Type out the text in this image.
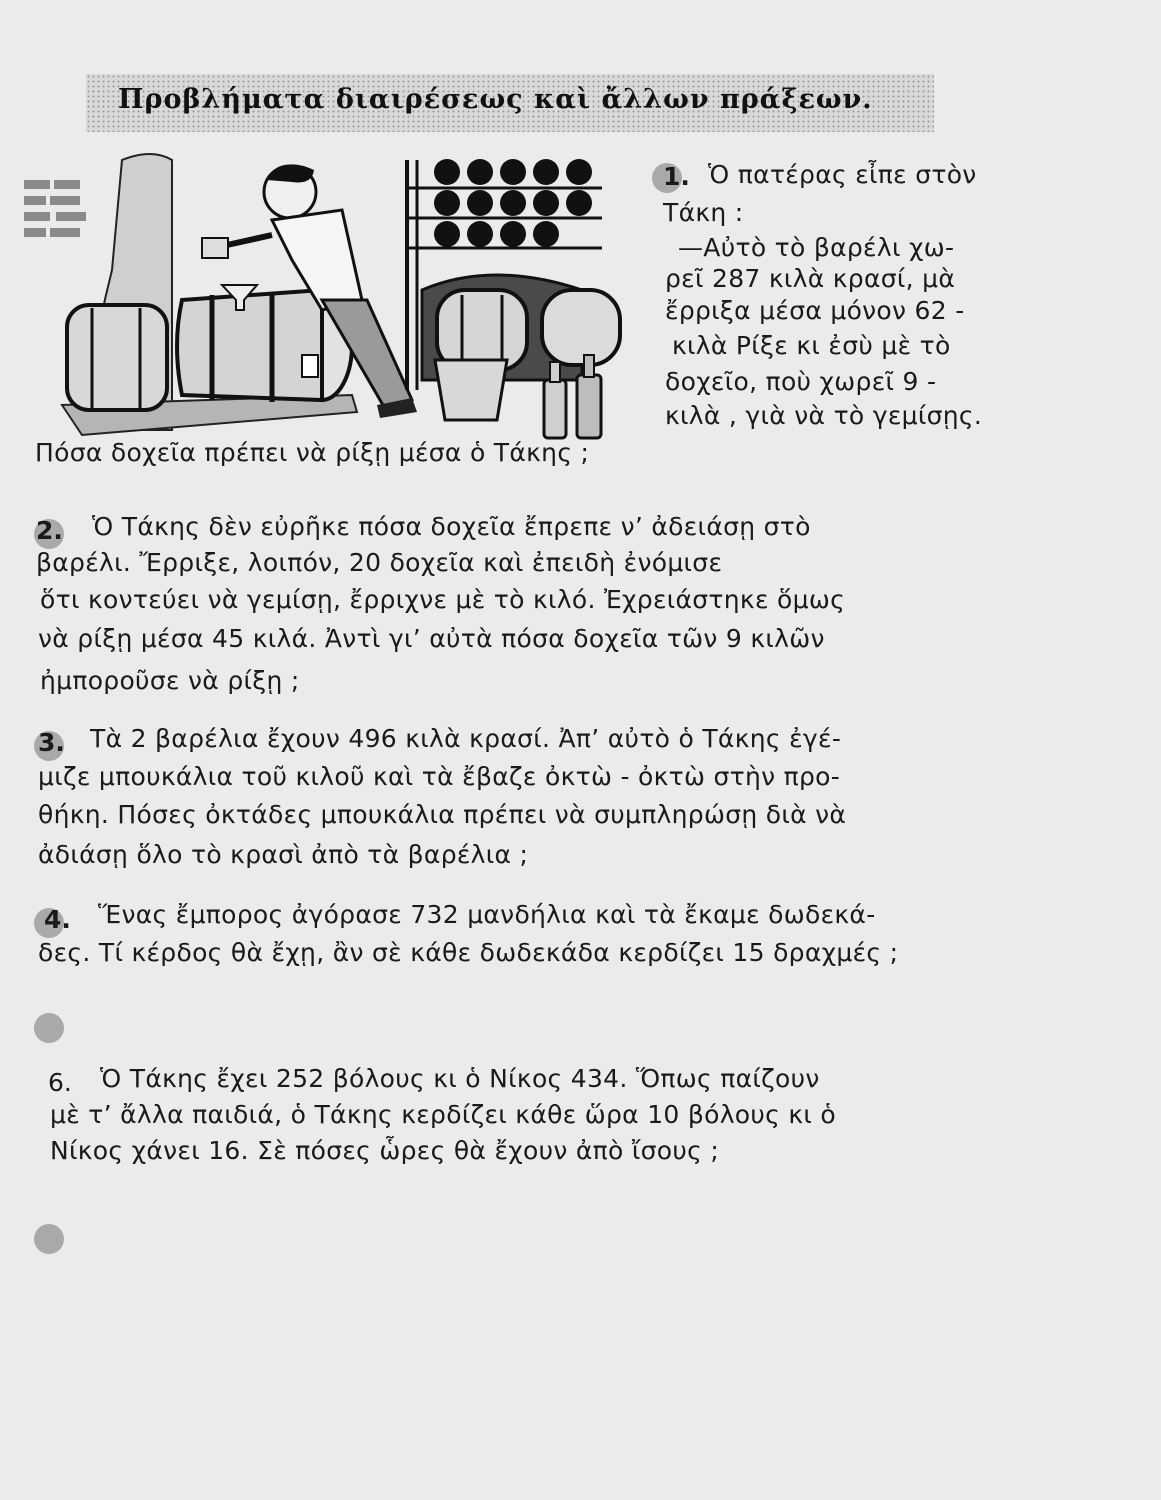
Προβλήματα διαιρέσεως καὶ ἄλλων πράξεων.
1. Ὁ πατέρας εἶπε στὸν
Τάκη :
—Αὐτὸ τὸ βαρέλι χω-
ρεῖ 287 κιλὰ κρασί, μὰ
ἔρριξα μέσα μόνον 62 -
κιλὰ Ρίξε κι ἐσὺ μὲ τὸ
δοχεῖο, ποὺ χωρεῖ 9 -
κιλὰ , γιὰ νὰ τὸ γεμίσῃς.
Πόσα δοχεῖα πρέπει νὰ ρίξῃ μέσα ὁ Τάκης ;
2. Ὁ Τάκης δὲν εὐρῆκε πόσα δοχεῖα ἔπρεπε ν’ ἀδειάσῃ στὸ
βαρέλι. Ἔρριξε, λοιπόν, 20 δοχεῖα καὶ ἐπειδὴ ἐνόμισε
ὅτι κοντεύει νὰ γεμίσῃ, ἔρριχνε μὲ τὸ κιλό. Ἐχρειάστηκε ὅμως
νὰ ρίξῃ μέσα 45 κιλά. Ἀντὶ γι’ αὐτὰ πόσα δοχεῖα τῶν 9 κιλῶν
ἠμποροῦσε νὰ ρίξῃ ;
3. Τὰ 2 βαρέλια ἔχουν 496 κιλὰ κρασί. Ἀπ’ αὐτὸ ὁ Τάκης ἐγέ-
μιζε μπουκάλια τοῦ κιλοῦ καὶ τὰ ἔβαζε ὀκτὼ - ὀκτὼ στὴν προ-
θήκη. Πόσες ὀκτάδες μπουκάλια πρέπει νὰ συμπληρώσῃ διὰ νὰ
ἀδιάσῃ ὅλο τὸ κρασὶ ἀπὸ τὰ βαρέλια ;
4. Ἕνας ἔμπορος ἀγόρασε 732 μανδήλια καὶ τὰ ἔκαμε δωδεκά-
δες. Τί κέρδος θὰ ἔχῃ, ἂν σὲ κάθε δωδεκάδα κερδίζει 15 δραχμές ;
6. Ὁ Τάκης ἔχει 252 βόλους κι ὁ Νίκος 434. Ὅπως παίζουν
μὲ τ’ ἄλλα παιδιά, ὁ Τάκης κερδίζει κάθε ὥρα 10 βόλους κι ὁ
Νίκος χάνει 16. Σὲ πόσες ὧρες θὰ ἔχουν ἀπὸ ἴσους ;
